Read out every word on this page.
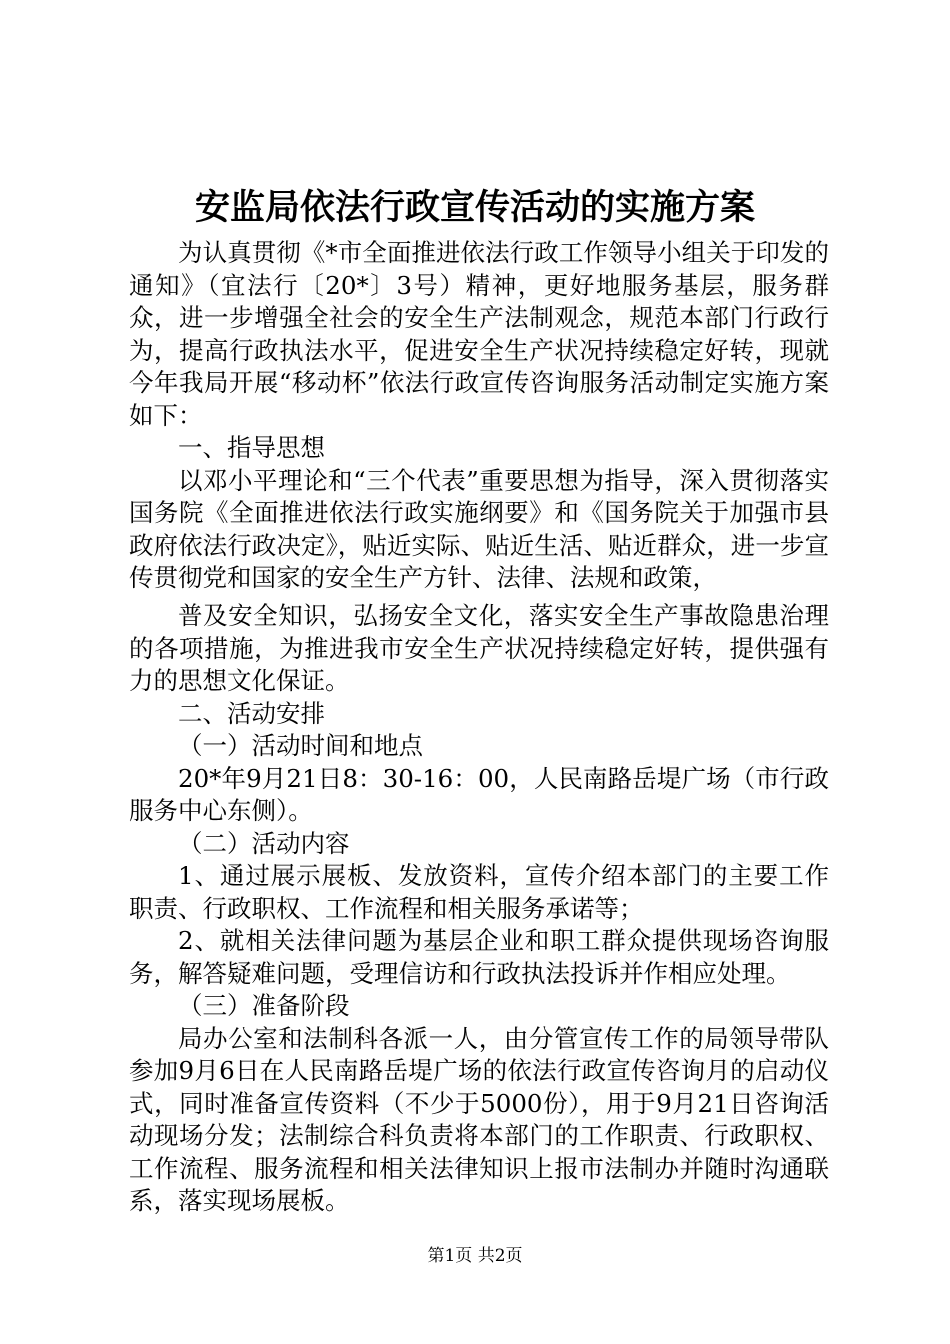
安监局依法行政宣传活动的实施方案

为认真贯彻《*市全面推进依法行政工作领导小组关于印发的通知》（宜法行〔20*〕3号）精神，更好地服务基层，服务群众，进一步增强全社会的安全生产法制观念，规范本部门行政行为，提高行政执法水平，促进安全生产状况持续稳定好转，现就今年我局开展“移动杯”依法行政宣传咨询服务活动制定实施方案如下：

一、指导思想

以邓小平理论和“三个代表”重要思想为指导，深入贯彻落实国务院《全面推进依法行政实施纲要》和《国务院关于加强市县政府依法行政决定》，贴近实际、贴近生活、贴近群众，进一步宣传贯彻党和国家的安全生产方针、法律、法规和政策，

普及安全知识，弘扬安全文化，落实安全生产事故隐患治理的各项措施，为推进我市安全生产状况持续稳定好转，提供强有力的思想文化保证。

二、活动安排

（一）活动时间和地点

20*年9月21日8：30-16：00，人民南路岳堤广场（市行政服务中心东侧）。

（二）活动内容

1、通过展示展板、发放资料，宣传介绍本部门的主要工作职责、行政职权、工作流程和相关服务承诺等；

2、就相关法律问题为基层企业和职工群众提供现场咨询服务，解答疑难问题，受理信访和行政执法投诉并作相应处理。

（三）准备阶段

局办公室和法制科各派一人，由分管宣传工作的局领导带队参加9月6日在人民南路岳堤广场的依法行政宣传咨询月的启动仪式，同时准备宣传资料（不少于5000份），用于9月21日咨询活动现场分发；法制综合科负责将本部门的工作职责、行政职权、工作流程、服务流程和相关法律知识上报市法制办并随时沟通联系，落实现场展板。

第1页 共2页
